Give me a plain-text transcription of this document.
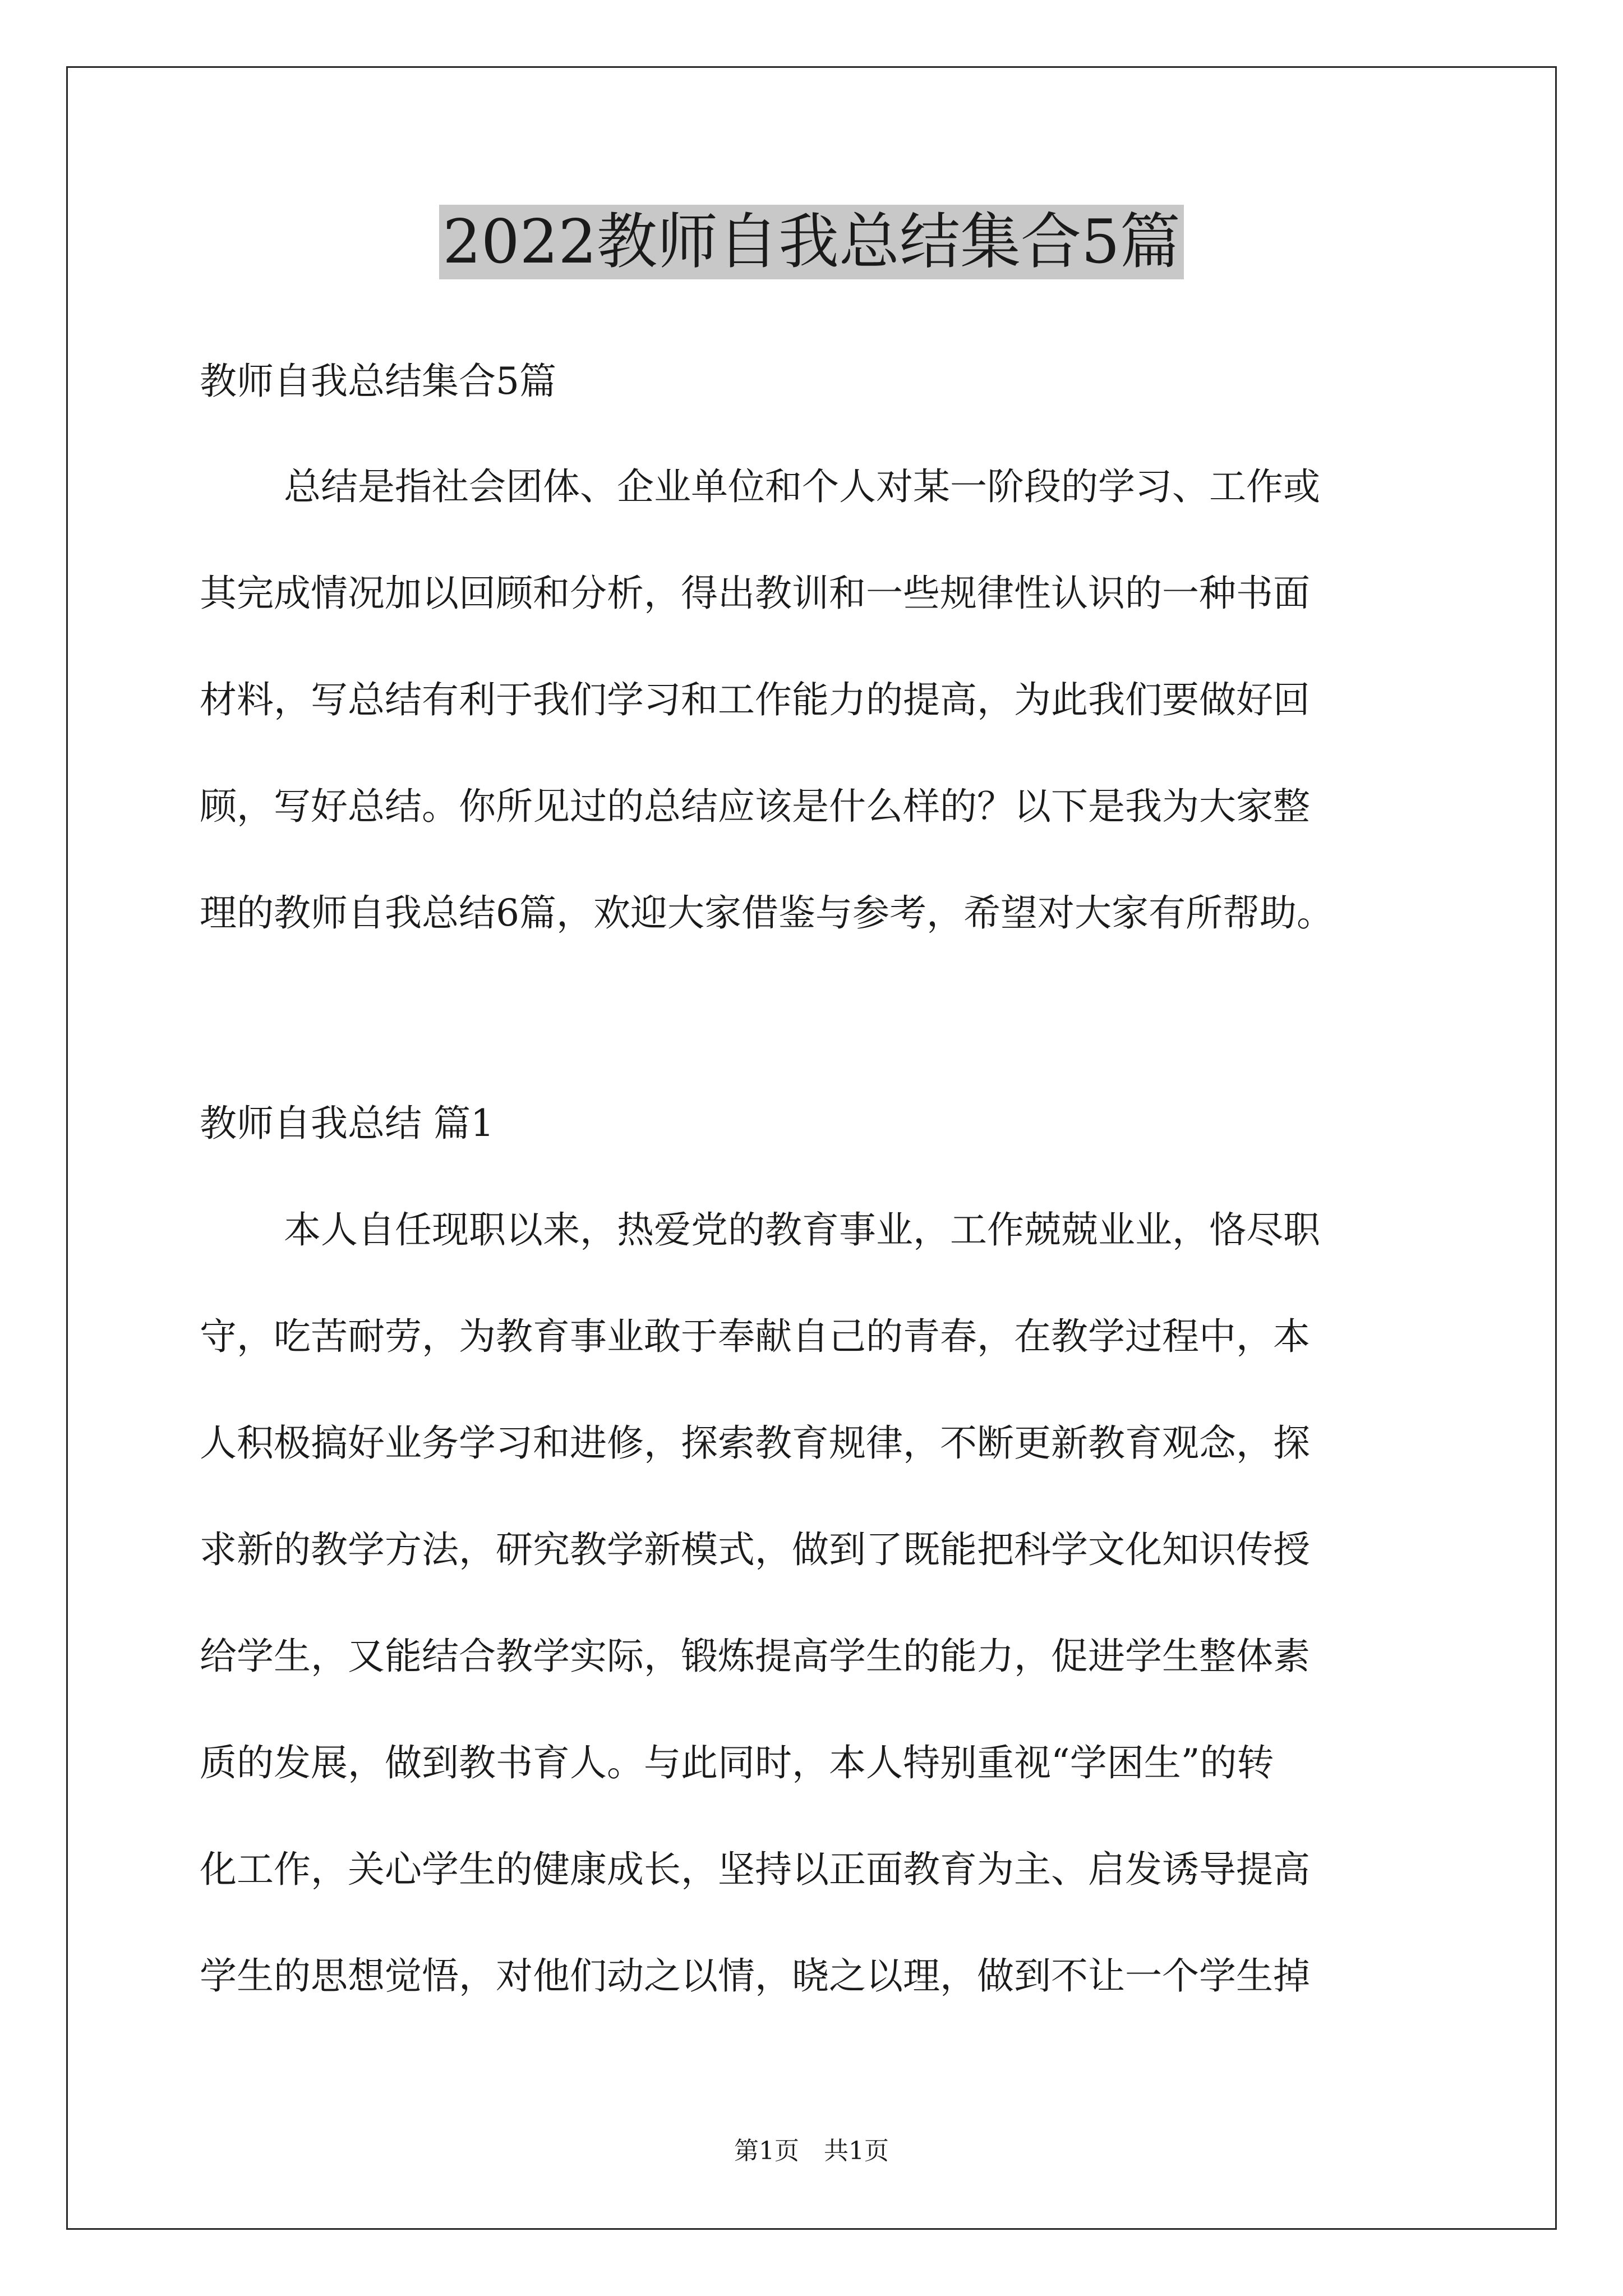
2022教师自我总结集合5篇
教师自我总结集合5篇
总结是指社会团体、企业单位和个人对某一阶段的学习、工作或
其完成情况加以回顾和分析，得出教训和一些规律性认识的一种书面
材料，写总结有利于我们学习和工作能力的提高，为此我们要做好回
顾，写好总结。你所见过的总结应该是什么样的？以下是我为大家整
理的教师自我总结6篇，欢迎大家借鉴与参考，希望对大家有所帮助。
教师自我总结 篇1
本人自任现职以来，热爱党的教育事业，工作兢兢业业，恪尽职
守，吃苦耐劳，为教育事业敢于奉献自己的青春，在教学过程中，本
人积极搞好业务学习和进修，探索教育规律，不断更新教育观念，探
求新的教学方法，研究教学新模式，做到了既能把科学文化知识传授
给学生，又能结合教学实际，锻炼提高学生的能力，促进学生整体素
质的发展，做到教书育人。与此同时，本人特别重视“学困生”的转
化工作，关心学生的健康成长，坚持以正面教育为主、启发诱导提高
学生的思想觉悟，对他们动之以情，晓之以理，做到不让一个学生掉
第1页　共1页
